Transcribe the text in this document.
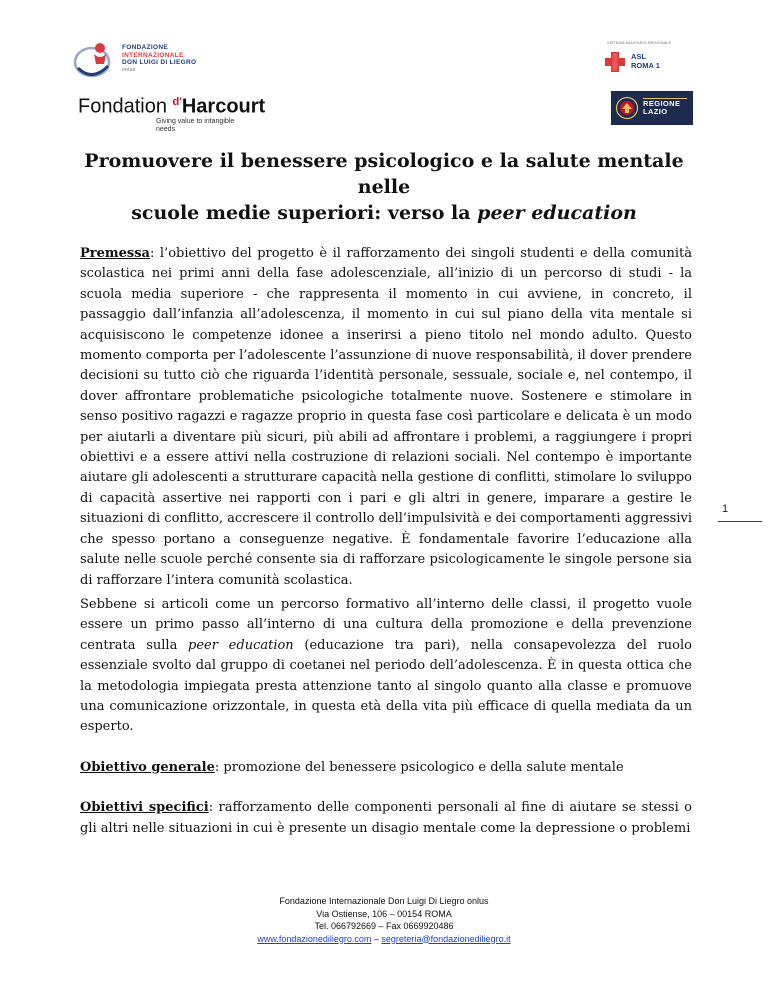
FONDAZIONE
INTERNAZIONALE
DON LUIGI DI LIEGRO
onlus
Fondation $^{d'}$Harcourt
Giving value to intangible needs
SISTEMA SANITARIO REGIONALE
ASL
ROMA 1
REGIONE
LAZIO
Promuovere il benessere psicologico e la salute mentale nelle
scuole medie superiori: verso la peer education

Premessa: l’obiettivo del progetto è il rafforzamento dei singoli studenti e della comunità scolastica nei primi anni della fase adolescenziale, all’inizio di un percorso di studi - la scuola media superiore - che rappresenta il momento in cui avviene, in concreto, il passaggio dall’infanzia all’adolescenza, il momento in cui sul piano della vita mentale si acquisiscono le competenze idonee a inserirsi a pieno titolo nel mondo adulto. Questo momento comporta per l’adolescente l’assunzione di nuove responsabilità, il dover prendere decisioni su tutto ciò che riguarda l’identità personale, sessuale, sociale e, nel contempo, il dover affrontare problematiche psicologiche totalmente nuove. Sostenere e stimolare in senso positivo ragazzi e ragazze proprio in questa fase così particolare e delicata è un modo per aiutarli a diventare più sicuri, più abili ad affrontare i problemi, a raggiungere i propri obiettivi e a essere attivi nella costruzione di relazioni sociali. Nel contempo è importante aiutare gli adolescenti a strutturare capacità nella gestione di conflitti, stimolare lo sviluppo di capacità assertive nei rapporti con i pari e gli altri in genere, imparare a gestire le situazioni di conflitto, accrescere il controllo dell’impulsività e dei comportamenti aggressivi che spesso portano a conseguenze negative. È fondamentale favorire l’educazione alla salute nelle scuole perché consente sia di rafforzare psicologicamente le singole persone sia di rafforzare l’intera comunità scolastica.

Sebbene si articoli come un percorso formativo all’interno delle classi, il progetto vuole essere un primo passo all’interno di una cultura della promozione e della prevenzione centrata sulla peer education (educazione tra pari), nella consapevolezza del ruolo essenziale svolto dal gruppo di coetanei nel periodo dell’adolescenza. È in questa ottica che la metodologia impiegata presta attenzione tanto al singolo quanto alla classe e promuove una comunicazione orizzontale, in questa età della vita più efficace di quella mediata da un esperto.

Obiettivo generale: promozione del benessere psicologico e della salute mentale

Obiettivi specifici: rafforzamento delle componenti personali al fine di aiutare se stessi o gli altri nelle situazioni in cui è presente un disagio mentale come la depressione o problemi

1
Fondazione Internazionale Don Luigi Di Liegro onlus
Via Ostiense, 106 – 00154 ROMA
Tel. 066792669 – Fax 0669920486
www.fondazionediliegro.com – segreteria@fondazionediliegro.it
